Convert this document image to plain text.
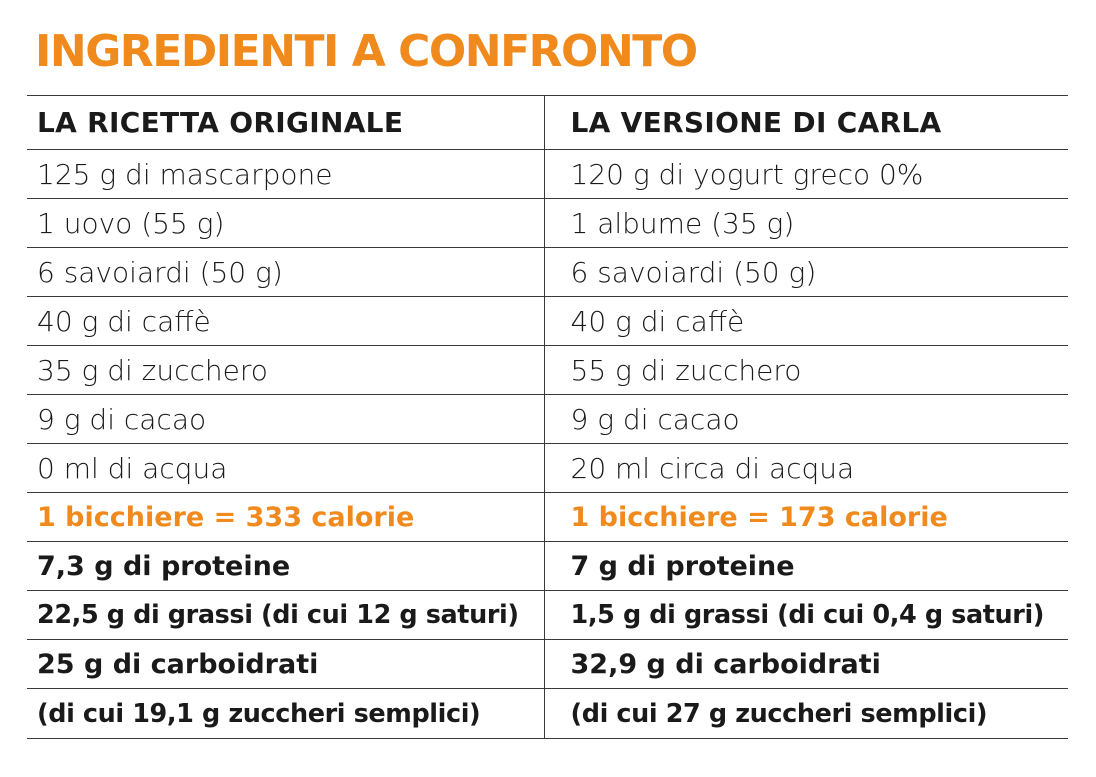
INGREDIENTI A CONFRONTO
LA RICETTA ORIGINALE	LA VERSIONE DI CARLA
125 g di mascarpone	120 g di yogurt greco 0%
1 uovo (55 g)	1 albume (35 g)
6 savoiardi (50 g)	6 savoiardi (50 g)
40 g di caffè	40 g di caffè
35 g di zucchero	55 g di zucchero
9 g di cacao	9 g di cacao
0 ml di acqua	20 ml circa di acqua
1 bicchiere = 333 calorie	1 bicchiere = 173 calorie
7,3 g di proteine	7 g di proteine
22,5 g di grassi (di cui 12 g saturi)	1,5 g di grassi (di cui 0,4 g saturi)
25 g di carboidrati	32,9 g di carboidrati
(di cui 19,1 g zuccheri semplici)	(di cui 27 g zuccheri semplici)
